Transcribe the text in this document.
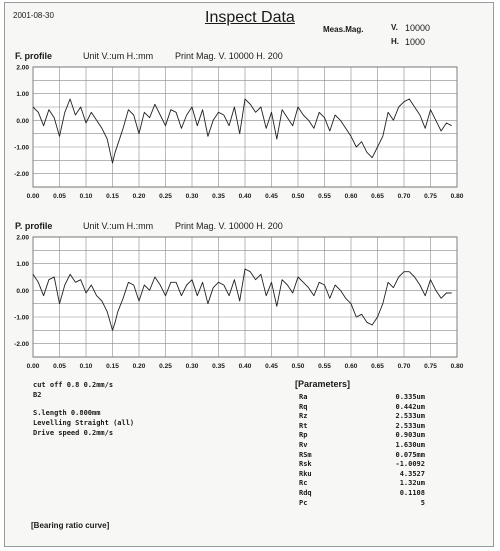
2001-08-30	Inspect Data
Meas.Mag.	V. 10000
H. 1000
F. profile	Unit V.:um H.:mm Print Mag. V. 10000 H. 200
0.00 0.05 0.10 0.15 0.20 0.25 0.30 0.35 0.40 0.45 0.50 0.55 0.60 0.65 0.70 0.75 0.80
2.00
1.00
0.00
-1.00
-2.00
P. profile	Unit V.:um H.:mm Print Mag. V. 10000 H. 200
0.00 0.05 0.10 0.15 0.20 0.25 0.30 0.35 0.40 0.45 0.50 0.55 0.60 0.65 0.70 0.75 0.80
2.00
1.00
0.00
-1.00
-2.00
cut off 0.8 0.2mm/s
B2
S.length 0.800mm
Levelling Straight (all)
Drive speed 0.2mm/s
[Parameters]
Ra	0.335um
Rq	0.442um
Rz	2.533um
Rt	2.533um
Rp	0.903um
Rv	1.630um
RSm	0.075mm
Rsk	-1.0092
Rku	4.3527
Rc	1.32um
Rdq	0.1108
Pc	5
[Bearing ratio curve]
